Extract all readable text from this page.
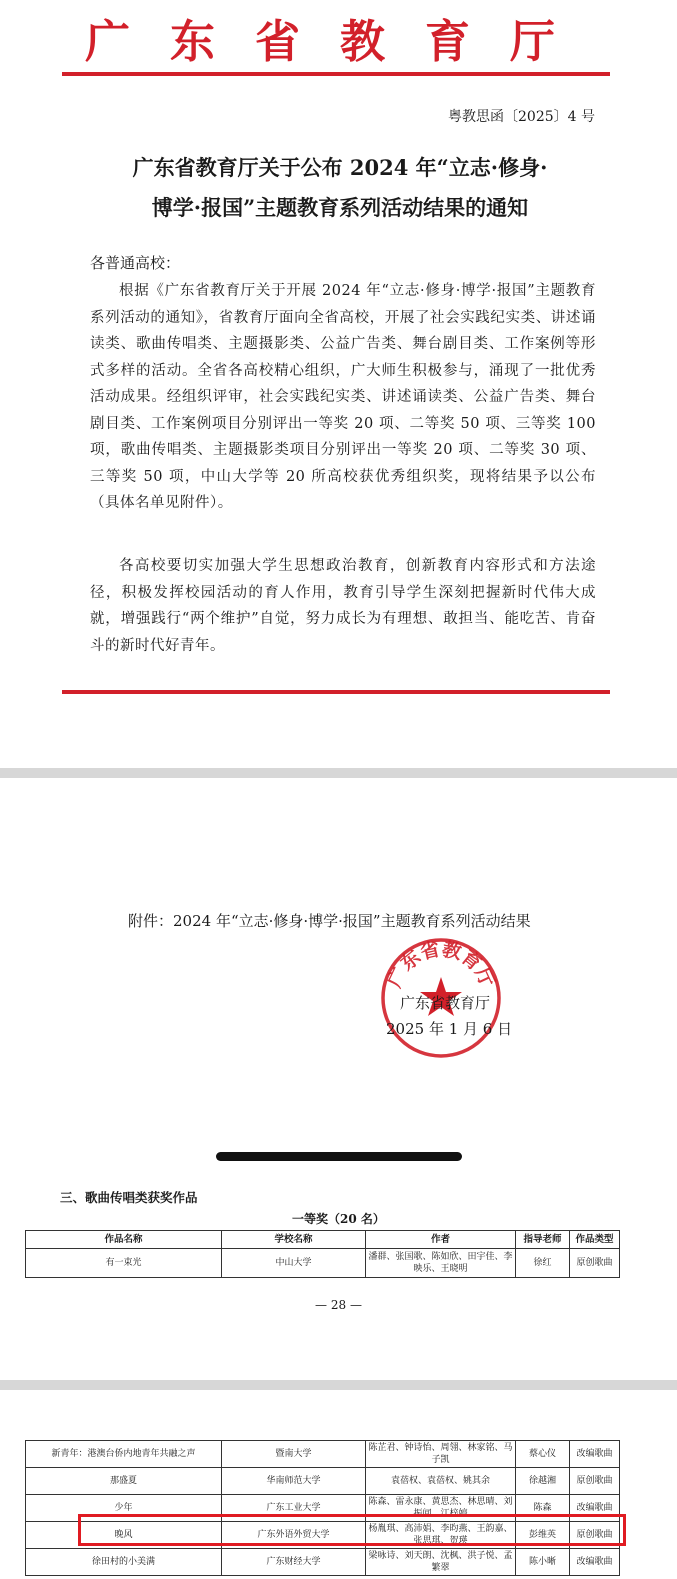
广东省教育厅
粤教思函〔2025〕4 号
广东省教育厅关于公布 2024 年“立志·修身·
博学·报国”主题教育系列活动结果的通知
各普通高校：

根据《广东省教育厅关于开展 2024 年“立志·修身·博学·报国”主题教育系列活动的通知》，省教育厅面向全省高校，开展了社会实践纪实类、讲述诵读类、歌曲传唱类、主题摄影类、公益广告类、舞台剧目类、工作案例等形式多样的活动。全省各高校精心组织，广大师生积极参与，涌现了一批优秀活动成果。经组织评审，社会实践纪实类、讲述诵读类、公益广告类、舞台剧目类、工作案例项目分别评出一等奖 20 项、二等奖 50 项、三等奖 100 项，歌曲传唱类、主题摄影类项目分别评出一等奖 20 项、二等奖 30 项、三等奖 50 项，中山大学等 20 所高校获优秀组织奖，现将结果予以公布（具体名单见附件）。

各高校要切实加强大学生思想政治教育，创新教育内容形式和方法途径，积极发挥校园活动的育人作用，教育引导学生深刻把握新时代伟大成就，增强践行“两个维护”自觉，努力成长为有理想、敢担当、能吃苦、肯奋斗的新时代好青年。

附件：2024 年“立志·修身·博学·报国”主题教育系列活动结果
广东省教育厅
广东省教育厅
2025 年 1 月 6 日
三、歌曲传唱类获奖作品
一等奖（20 名）
作品名称	学校名称	作者	指导老师	作品类型
有一束光	中山大学	潘群、张国歌、陈如欣、田宇佳、李映乐、王晓明	徐红	原创歌曲
— 28 —
新青年：港澳台侨内地青年共融之声	暨南大学	陈芷君、钟诗怡、周翎、林家铭、马子凯	蔡心仪	改编歌曲
那盛夏	华南师范大学	袁蓓权、袁蓓权、姚其余	徐越湘	原创歌曲
少年	广东工业大学	陈森、雷永康、黄思杰、林思晴、刘振闻、江梓婷	陈森	改编歌曲
晚风	广东外语外贸大学	杨胤琪、高沛娟、李昀燕、王韵嘉、张思琪、贺瑛	彭维英	原创歌曲
徐田村的小美满	广东财经大学	梁咏诗、刘天朗、沈枫、洪子悦、孟繁翠	陈小晰	改编歌曲
